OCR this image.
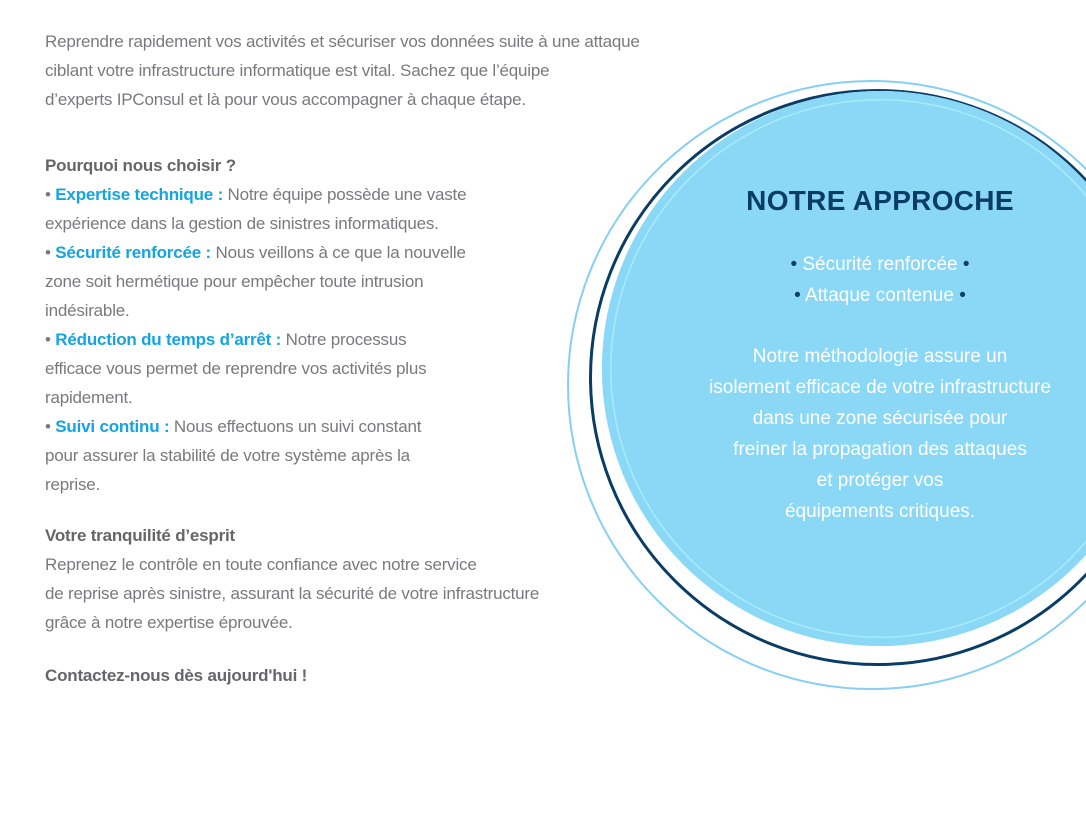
Reprendre rapidement vos activités et sécuriser vos données suite à une attaque

ciblant votre infrastructure informatique est vital. Sachez que l’équipe

d’experts IPConsul et là pour vous accompagner à chaque étape.

Pourquoi nous choisir ?

• Expertise technique : Notre équipe possède une vaste

expérience dans la gestion de sinistres informatiques.

• Sécurité renforcée : Nous veillons à ce que la nouvelle

zone soit hermétique pour empêcher toute intrusion

indésirable.

• Réduction du temps d’arrêt : Notre processus

efficace vous permet de reprendre vos activités plus

rapidement.

• Suivi continu : Nous effectuons un suivi constant

pour assurer la stabilité de votre système après la

reprise.

Votre tranquilité d’esprit

Reprenez le contrôle en toute confiance avec notre service

de reprise après sinistre, assurant la sécurité de votre infrastructure

grâce à notre expertise éprouvée.

Contactez-nous dès aujourd'hui !

NOTRE APPROCHE
• Sécurité renforcée •
• Attaque contenue •
Notre méthodologie assure un
isolement efficace de votre infrastructure
dans une zone sécurisée pour
freiner la propagation des attaques
et protéger vos
équipements critiques.
